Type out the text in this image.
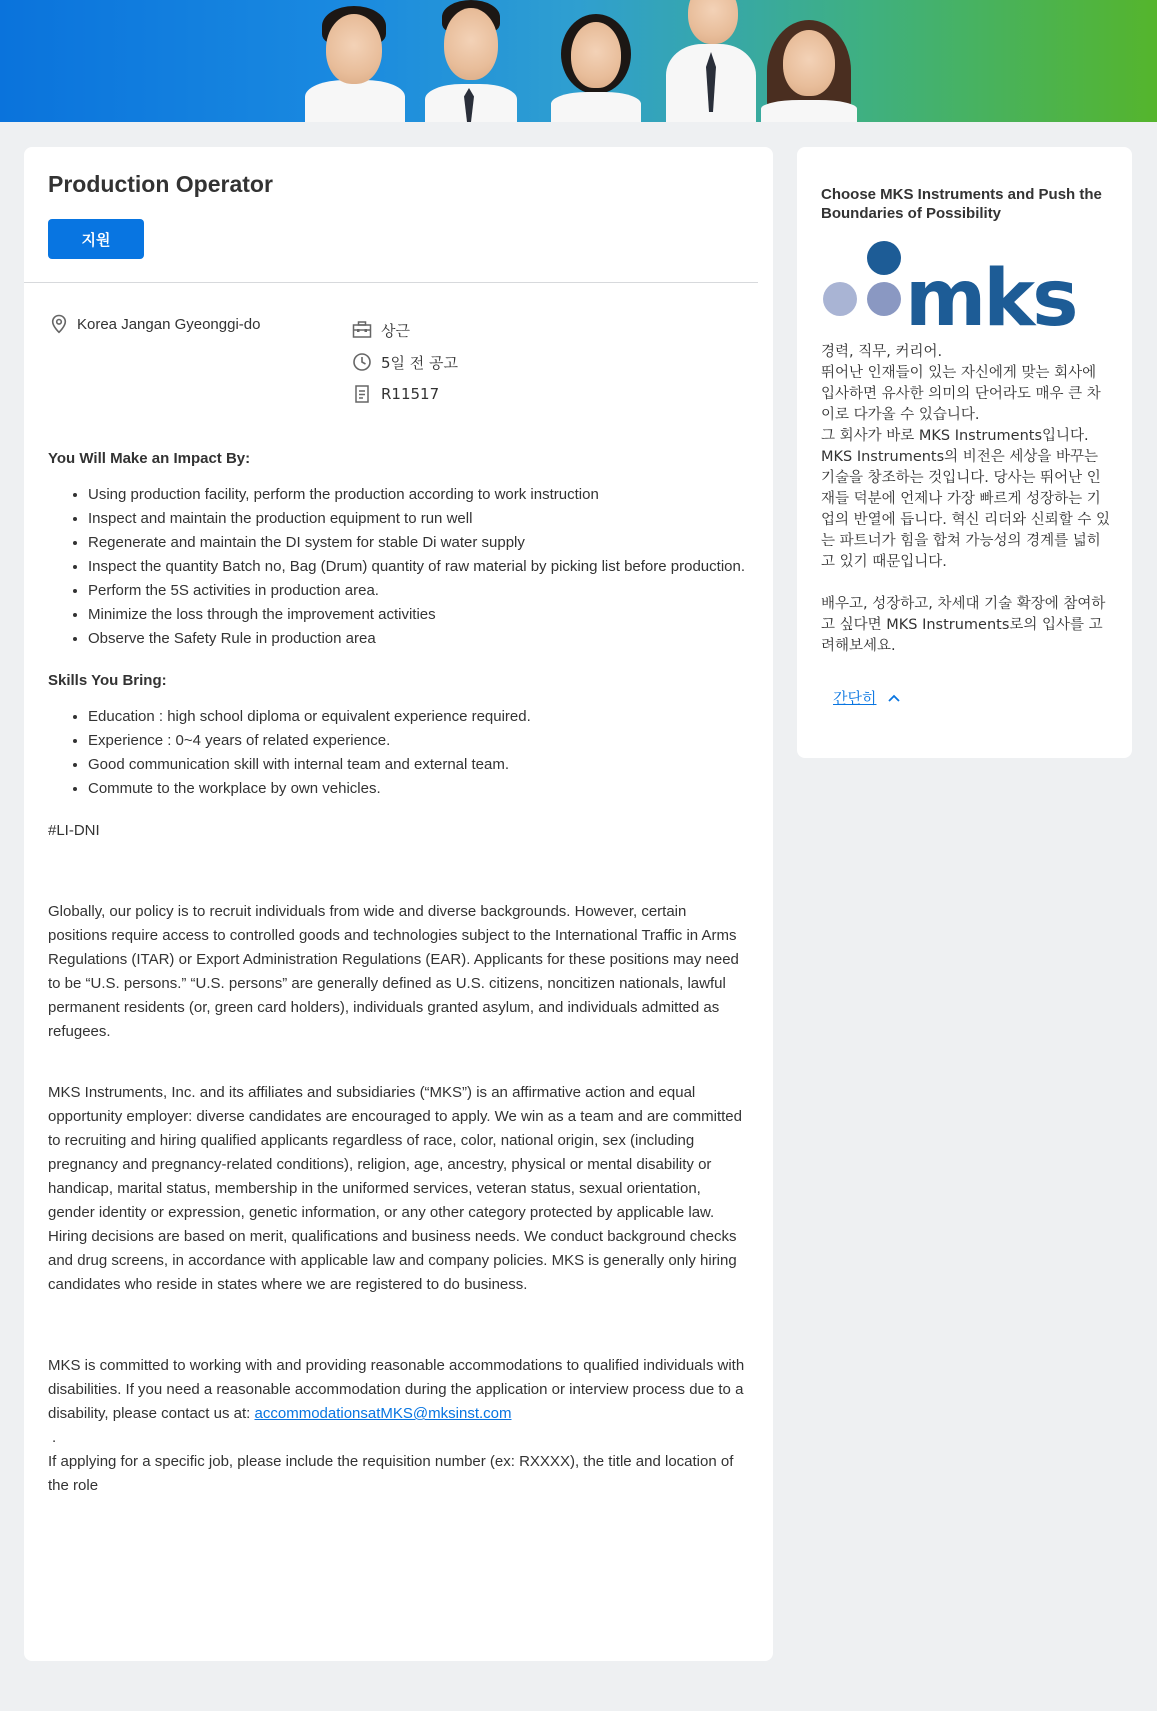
Production Operator
지원
Korea Jangan Gyeonggi-do	상근
5일 전 공고
R11517
You Will Make an Impact By:
• Using production facility, perform the production according to work instruction
• Inspect and maintain the production equipment to run well
• Regenerate and maintain the DI system for stable Di water supply
• Inspect the quantity Batch no, Bag (Drum) quantity of raw material by picking list before production.
• Perform the 5S activities in production area.
• Minimize the loss through the improvement activities
• Observe the Safety Rule in production area
Skills You Bring:
• Education : high school diploma or equivalent experience required.
• Experience : 0~4 years of related experience.
• Good communication skill with internal team and external team.
• Commute to the workplace by own vehicles.

#LI-DNI

Globally, our policy is to recruit individuals from wide and diverse backgrounds. However, certain positions require access to controlled goods and technologies subject to the International Traffic in Arms Regulations (ITAR) or Export Administration Regulations (EAR). Applicants for these positions may need to be “U.S. persons.” “U.S. persons” are generally defined as U.S. citizens, noncitizen nationals, lawful permanent residents (or, green card holders), individuals granted asylum, and individuals admitted as refugees.

MKS Instruments, Inc. and its affiliates and subsidiaries (“MKS”) is an affirmative action and equal opportunity employer: diverse candidates are encouraged to apply. We win as a team and are committed to recruiting and hiring qualified applicants regardless of race, color, national origin, sex (including pregnancy and pregnancy-related conditions), religion, age, ancestry, physical or mental disability or handicap, marital status, membership in the uniformed services, veteran status, sexual orientation, gender identity or expression, genetic information, or any other category protected by applicable law. Hiring decisions are based on merit, qualifications and business needs. We conduct background checks and drug screens, in accordance with applicable law and company policies. MKS is generally only hiring candidates who reside in states where we are registered to do business.

MKS is committed to working with and providing reasonable accommodations to qualified individuals with disabilities. If you need a reasonable accommodation during the application or interview process due to a disability, please contact us at: accommodationsatMKS@mksinst.com

.

If applying for a specific job, please include the requisition number (ex: RXXXX), the title and location of the role

Choose MKS Instruments and Push the Boundaries of Possibility
mks
경력, 직무, 커리어.
뛰어난 인재들이 있는 자신에게 맞는 회사에 입사하면 유사한 의미의 단어라도 매우 큰 차이로 다가올 수 있습니다.
그 회사가 바로 MKS Instruments입니다. MKS Instruments의 비전은 세상을 바꾸는 기술을 창조하는 것입니다. 당사는 뛰어난 인재들 덕분에 언제나 가장 빠르게 성장하는 기업의 반열에 듭니다. 혁신 리더와 신뢰할 수 있는 파트너가 힘을 합쳐 가능성의 경계를 넓히고 있기 때문입니다.

배우고, 성장하고, 차세대 기술 확장에 참여하고 싶다면 MKS Instruments로의 입사를 고려해보세요.
간단히
